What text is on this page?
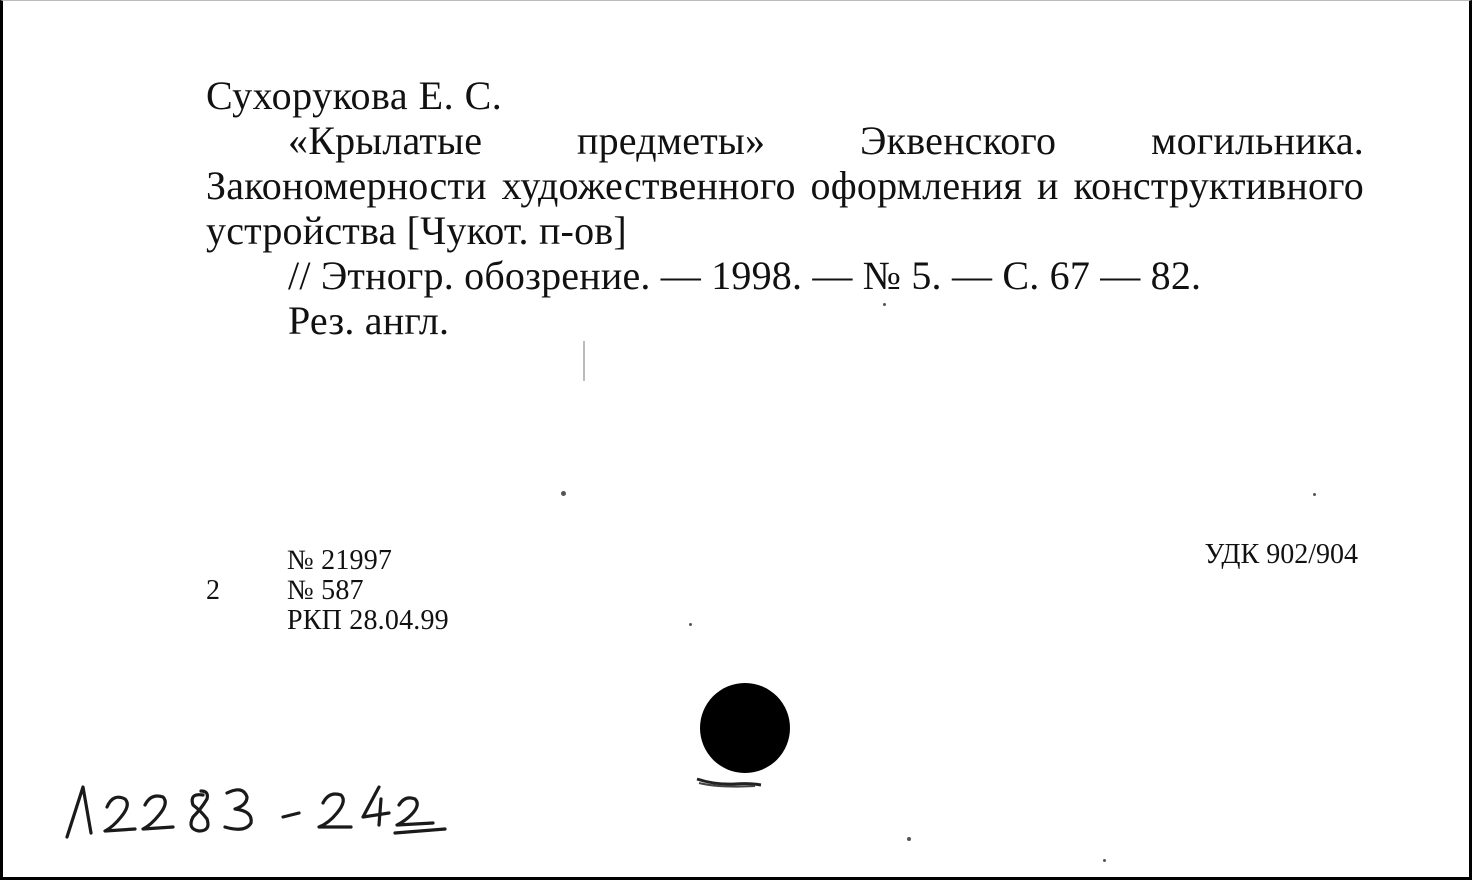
Сухорукова Е. С.

«Крылатые предметы» Эквенского могильника. Закономерности художественного оформления и конструктивного устройства [Чукот. п-ов]

// Этногр. обозрение. — 1998. — № 5. — С. 67 — 82.

Рез. англ.

2
№ 21997
№ 587
РКП 28.04.99
УДК 902/904
